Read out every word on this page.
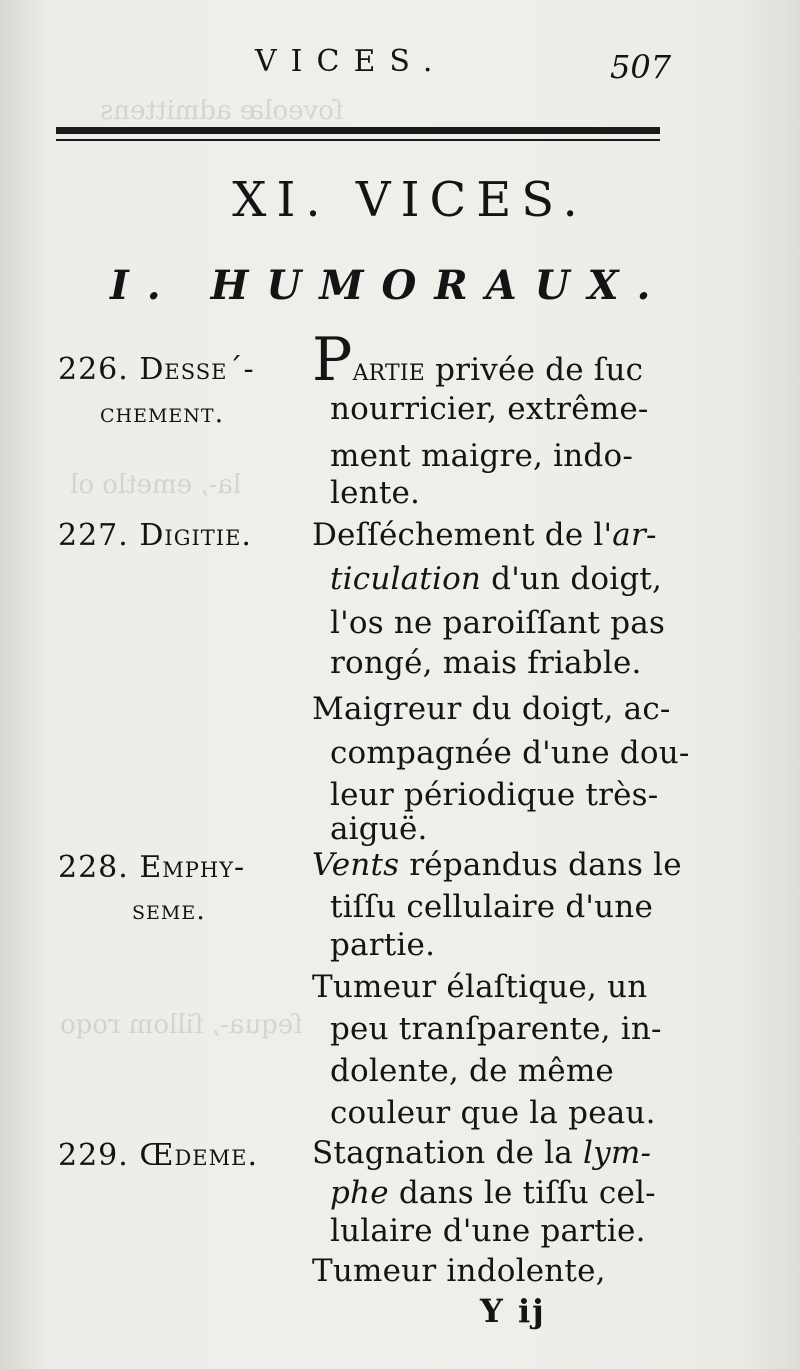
ſoveolæ admittens
la-, emetlo ol
ſequa-, ſillom roqo
VICES.	507
XI. VICES.
I. HUMORAUX.
226. Desse´-
chement.
Partie privée de ſuc
nourricier, extrême-
ment maigre, indo-
lente.
227. Digitie. Deſſéchement de l'ar-
ticulation d'un doigt,
l'os ne paroiſſant pas
rongé, mais friable.
Maigreur du doigt, ac-
compagnée d'une dou-
leur périodique très-
aiguë.
228. Emphy-
seme.
Vents répandus dans le
tiſſu cellulaire d'une
partie.
Tumeur élaſtique, un
peu tranſparente, in-
dolente, de même
couleur que la peau.
229. Œdeme. Stagnation de la lym-
phe dans le tiſſu cel-
lulaire d'une partie.
Tumeur indolente,
Y ij
